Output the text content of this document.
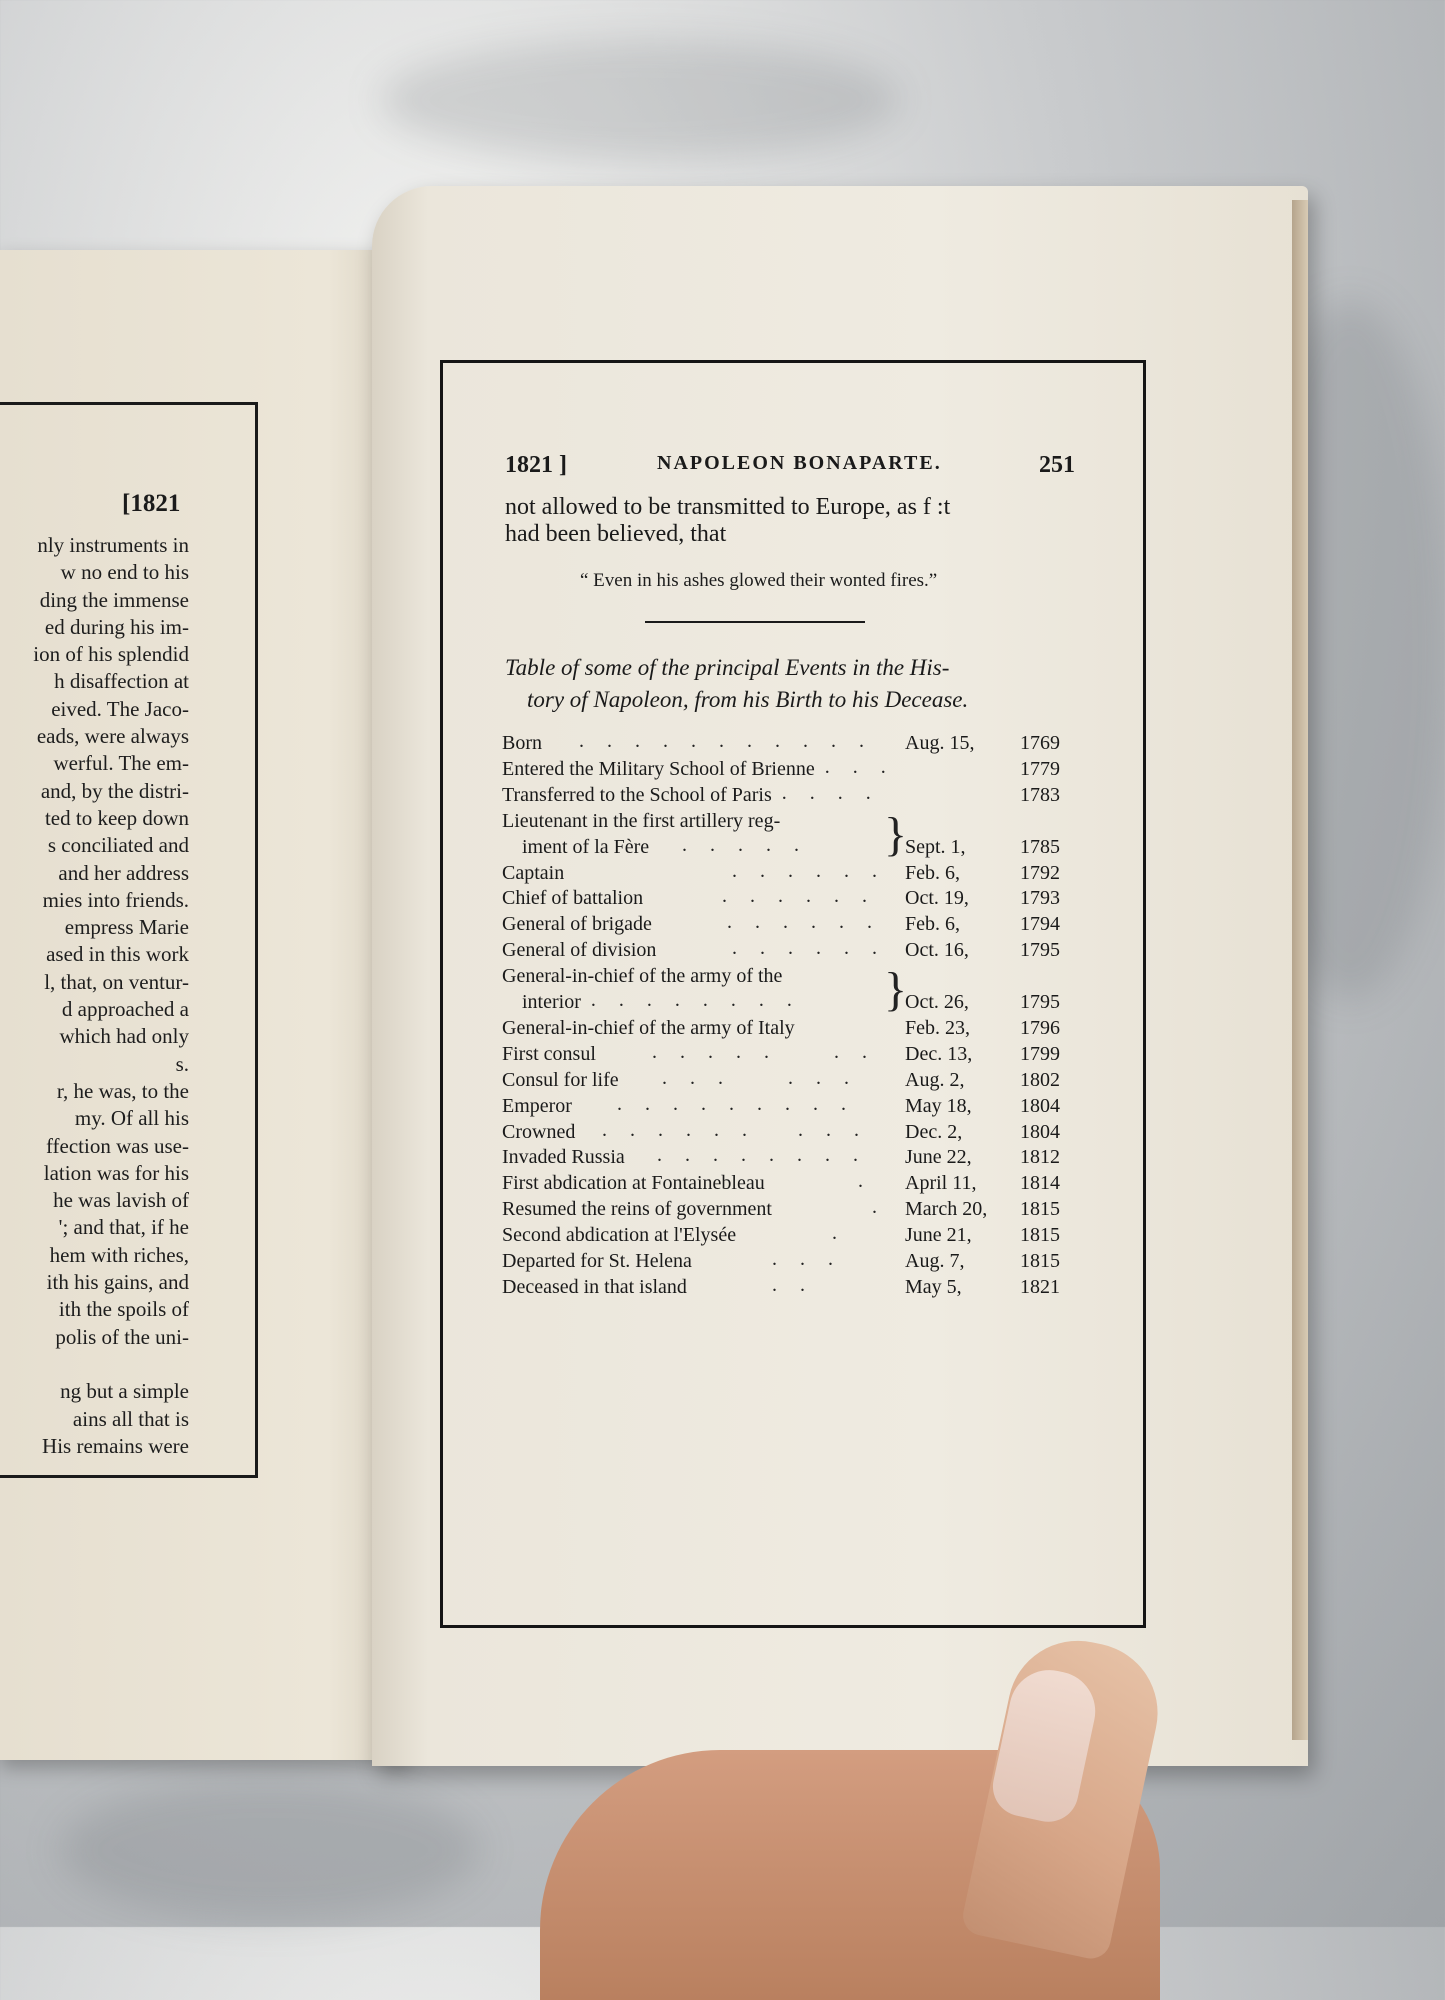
[1821
nly instruments in
w no end to his
ding the immense
ed during his im-
ion of his splendid
h disaffection at
eived. The Jaco-
eads, were always
werful. The em-
and, by the distri-
ted to keep down
s conciliated and
and her address
mies into friends.
empress Marie
ased in this work
l, that, on ventur-
d approached a
which had only
s.
r, he was, to the
my. Of all his
ffection was use-
lation was for his
he was lavish of
'; and that, if he
hem with riches,
ith his gains, and
ith the spoils of
polis of the uni-
ng but a simple
ains all that is
His remains were
1821 ]	NAPOLEON BONAPARTE.	251
not allowed to be transmitted to Europe, as f :t
had been believed, that
“ Even in his ashes glowed their wonted fires.”
Table of some of the principal Events in the His-
tory of Napoleon, from his Birth to his Decease.
Born . . . . . . . . . . . Aug. 15, 1769
Entered the Military School of Brienne . . .	1779
Transferred to the School of Paris . . . .	1783
Lieutenant in the first artillery reg-
iment of la Fère . . . . .	Sept. 1,	1785
Captain	. . . . . . Feb. 6,	1792
Chief of battalion	. . . . . . Oct. 19,	1793
General of brigade	. . . . . . Feb. 6,	1794
General of division	. . . . . . Oct. 16,	1795
General-in-chief of the army of the
interior . . . . . . . .	Oct. 26,	1795
General-in-chief of the army of Italy	Feb. 23,	1796
First consul	. . . . .    . . Dec. 13, 1799
Consul for life . . .    . . . Aug. 2,	1802
Emperor . . . . . . . . .	May 18, 1804
Crowned . . . . . .   . . . Dec. 2,	1804
Invaded Russia . . . . . . . . June 22, 1812
First abdication at Fontainebleau	. April 11, 1814
Resumed the reins of government	. March 20, 1815
Second abdication at l'Elysée	.	June 21, 1815
Departed for St. Helena	. . .	Aug. 7,	1815
Deceased in that island	. .	May 5,	1821
}
}
